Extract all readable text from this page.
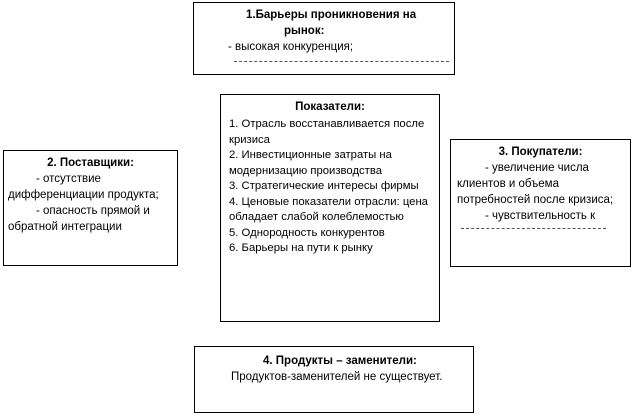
1.Барьеры проникновения на
рынок:
- высокая конкуренция;
Показатели:
1. Отрасль восстанавливается после кризиса
2. Инвестиционные затраты на модернизацию производства
3. Стратегические интересы фирмы
4. Ценовые показатели отрасли: цена обладает слабой колеблемостью
5. Однородность конкурентов
6. Барьеры на пути к рынку
2. Поставщики:
- отсутствие дифференциации продукта;
- опасность прямой и обратной интеграции
3. Покупатели:
- увеличение числа клиентов и объема потребностей после кризиса;
- чувствительность к
4. Продукты – заменители:
Продуктов-заменителей не существует.
